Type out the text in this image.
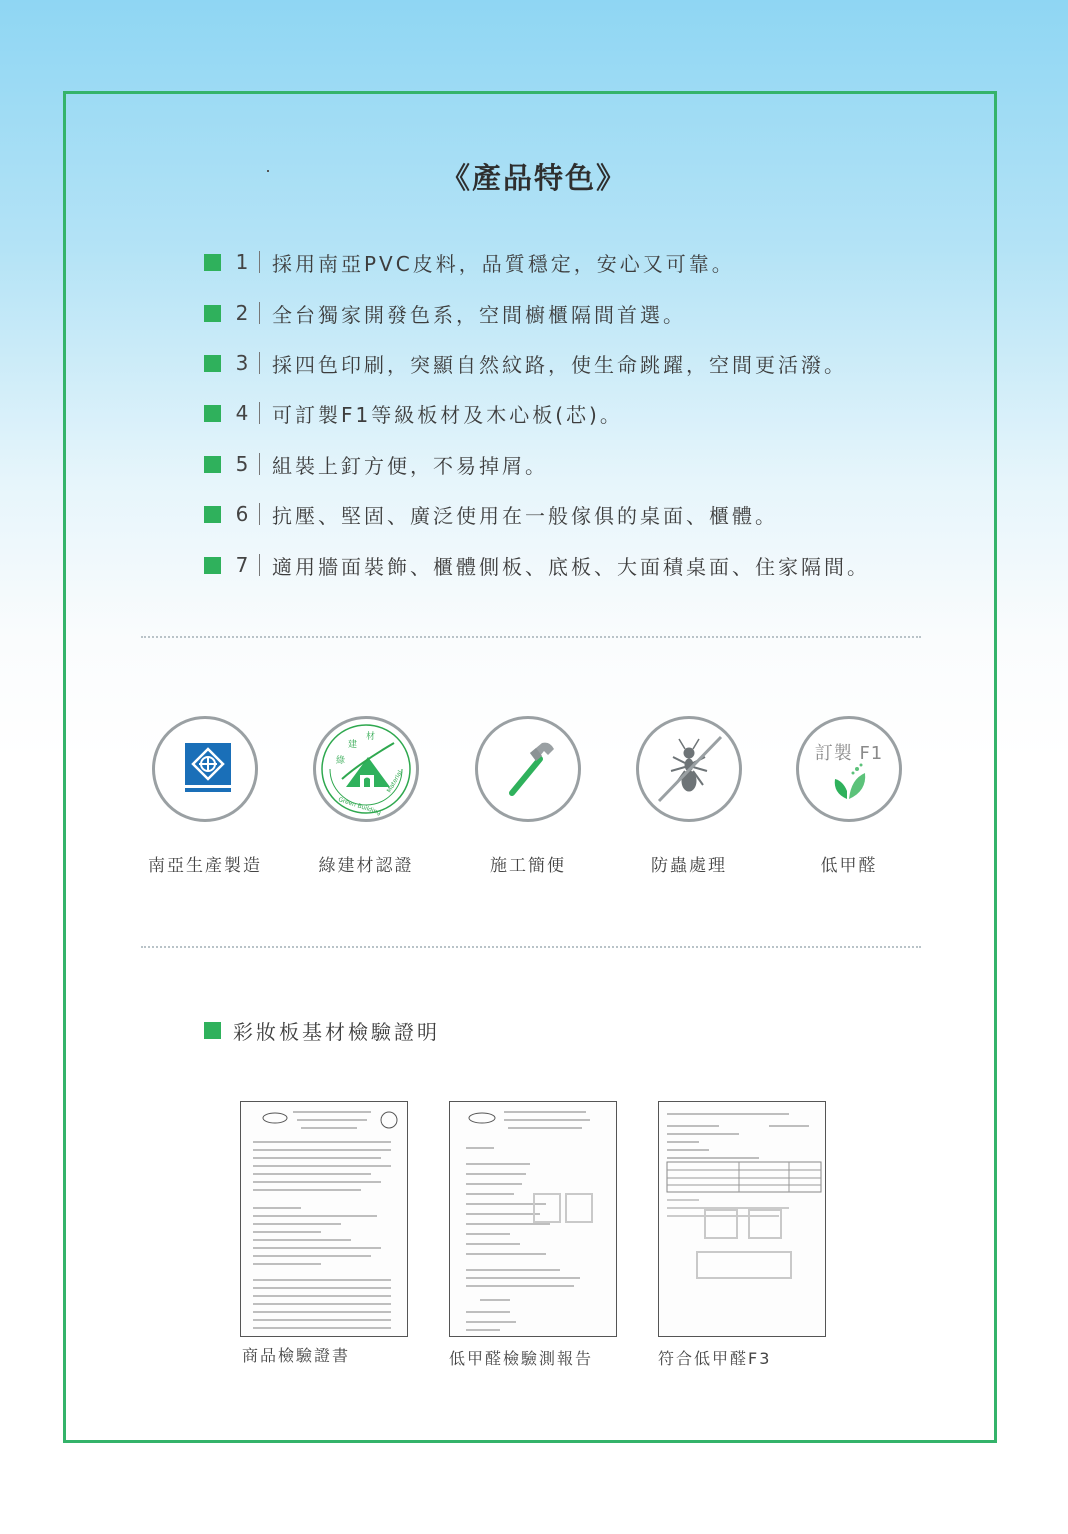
《產品特色》
1 採用南亞PVC皮料，品質穩定，安心又可靠。
2 全台獨家開發色系，空間櫥櫃隔間首選。
3 採四色印刷，突顯自然紋路，使生命跳躍，空間更活潑。
4 可訂製F1等級板材及木心板(芯)。
5 組裝上釘方便，不易掉屑。
6 抗壓、堅固、廣泛使用在一般傢俱的桌面、櫃體。
7 適用牆面裝飾、櫃體側板、底板、大面積桌面、住家隔間。
南亞生產製造
綠
建
材
Green Building
Material
綠建材認證	施工簡便	防蟲處理
訂製 F1
低甲醛
彩妝板基材檢驗證明
商品檢驗證書	低甲醛檢驗測報告	符合低甲醛F3
